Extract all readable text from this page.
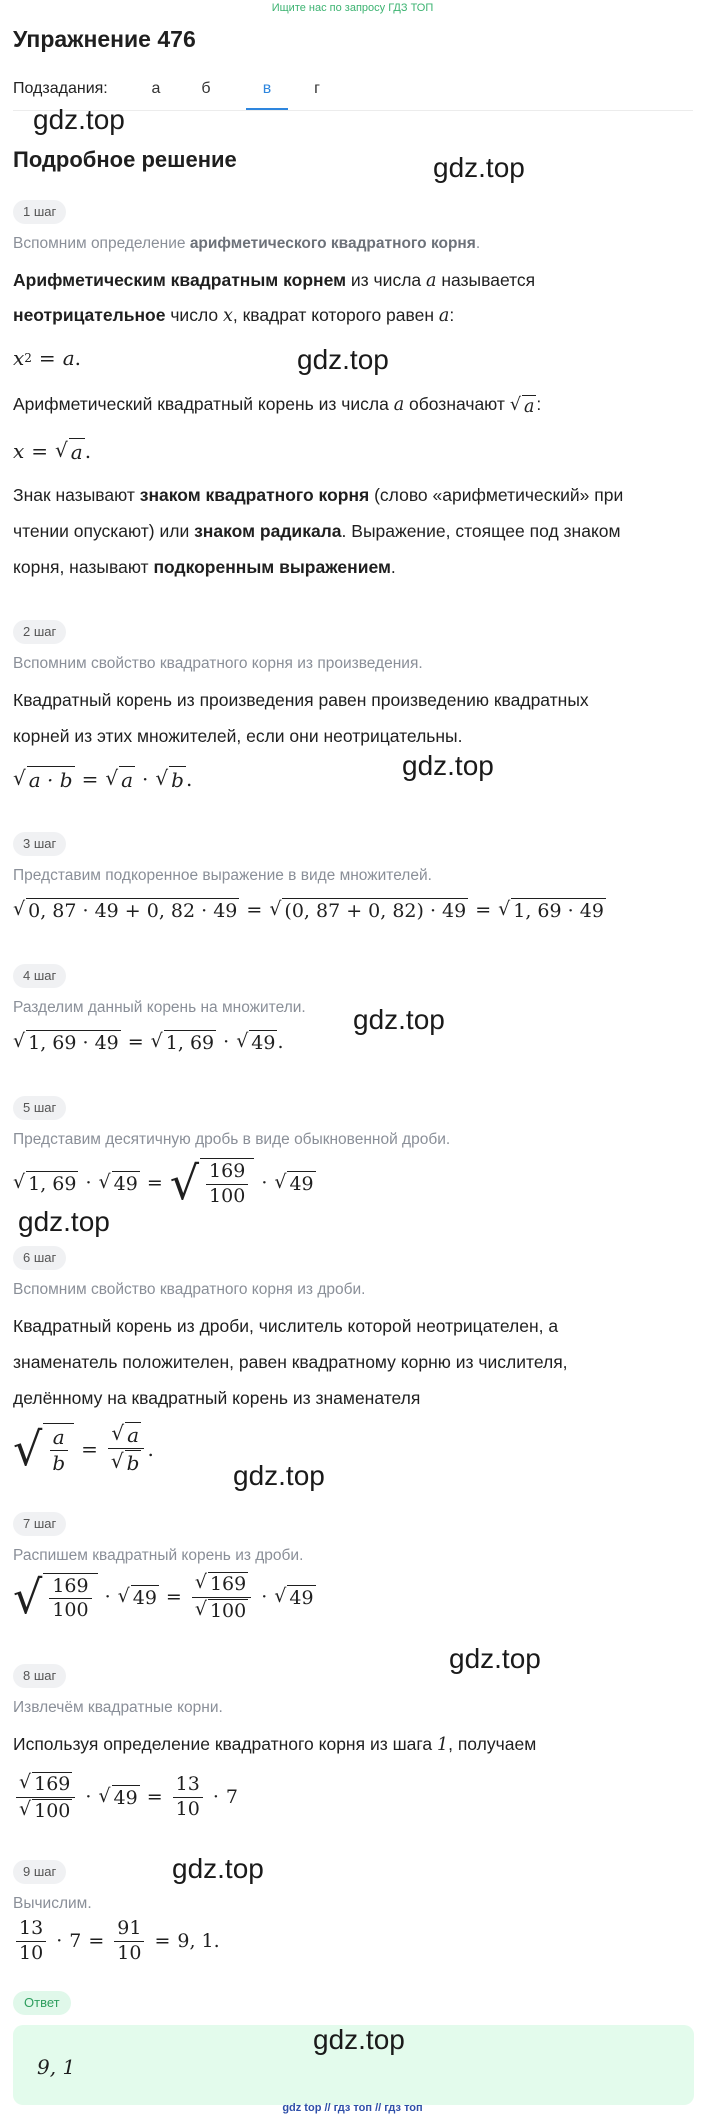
Ищите нас по запросу ГДЗ ТОП
Упражнение 476
Подзадания:	а	б	в	г
gdz.top
Подробное решение	gdz.top
1 шаг
Вспомним определение арифметического квадратного корня.
Арифметическим квадратным корнем из числа a называется
неотрицательное число x, квадрат которого равен a:
x 2 = a .	gdz.top
Арифметический квадратный корень из числа a обозначают √ a :
x = √ a .
Знак называют знаком квадратного корня (слово «арифметический» при
чтении опускают) или знаком радикала. Выражение, стоящее под знаком
корня, называют подкоренным выражением.
2 шаг
Вспомним свойство квадратного корня из произведения.
Квадратный корень из произведения равен произведению квадратных
корней из этих множителей, если они неотрицательны.
√ a · b = √ a · √ b .	gdz.top
3 шаг
Представим подкоренное выражение в виде множителей.
√ 0, 87 · 49 + 0, 82 · 49 = √ (0, 87 + 0, 82) · 49 = √ 1, 69 · 49
4 шаг
Разделим данный корень на множители. gdz.top
√ 1, 69 · 49 = √ 1, 69 · √ 49 .
5 шаг
Представим десятичную дробь в виде обыкновенной дроби.
√ 1, 69 · √ 49 = √ $\frac{169}{100}$ · √ 49
gdz.top
6 шаг
Вспомним свойство квадратного корня из дроби.
Квадратный корень из дроби, числитель которой неотрицателен, а
знаменатель положителен, равен квадратному корню из числителя,
делённому на квадратный корень из знаменателя
√ $\frac{a}{b} = \frac{√ a}{√ b}$ .
gdz.top
7 шаг
Распишем квадратный корень из дроби.
√ $\frac{169}{100}$ · √ $49 = \frac{√ 169}{√ 100}$ · √ 49
gdz.top
8 шаг
Извлечём квадратные корни.
Используя определение квадратного корня из шага 1, получаем
$\frac{√ 169}{√ 100}$ · √ $49 = \frac{13}{10} \cdot 7$
9 шаг	gdz.top
Вычислим.
$\frac{13}{10} \cdot 7 = \frac{91}{10} = 9$, 1.
Ответ
9, 1
gdz.top
gdz top // гдз топ // гдз топ
